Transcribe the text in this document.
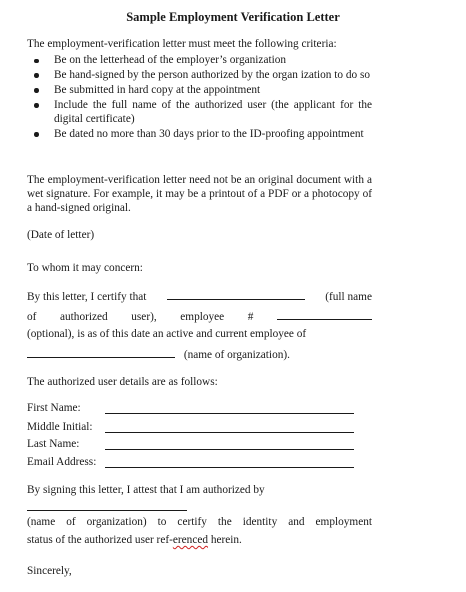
Sample Employment Verification Letter
The employment-verification letter must meet the following criteria:
Be on the letterhead of the employer’s organization
Be hand-signed by the person authorized by the organ ization to do so
Be submitted in hard copy at the appointment
Include the full name of the authorized user (the applicant for the digital certificate)
Be dated no more than 30 days prior to the ID-proofing appointment
The employment-verification letter need not be an original document with a wet signature. For example, it may be a printout of a PDF or a photocopy of a hand-signed original.
(Date of letter)
To whom it may concern:
By this letter, I certify that	(full name
of authorized user), employee #
(optional), is as of this date an active and current employee of
(name of organization).
The authorized user details are as follows:
First Name:
Middle Initial:
Last Name:
Email Address:
By signing this letter, I attest that I am authorized by
(name of organization) to certify the identity and employment
status of the authorized user ref-erenced herein.
Sincerely,
